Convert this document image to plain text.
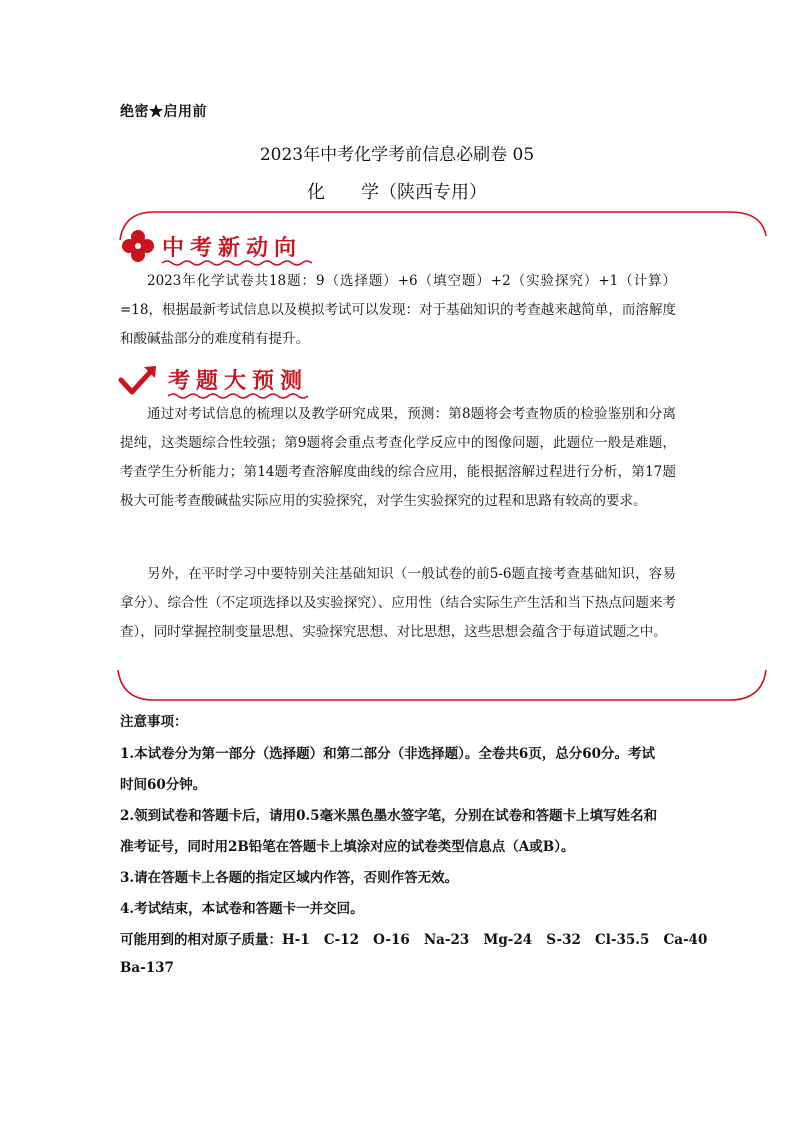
绝密★启用前
2023年中考化学考前信息必刷卷 05
化 学（陕西专用）
中考新动向

2023年化学试卷共18题：9（选择题）+6（填空题）+2（实验探究）+1（计算）=18，根据最新考试信息以及模拟考试可以发现：对于基础知识的考查越来越简单，而溶解度和酸碱盐部分的难度稍有提升。

考题大预测

通过对考试信息的梳理以及教学研究成果，预测：第8题将会考查物质的检验鉴别和分离提纯，这类题综合性较强；第9题将会重点考查化学反应中的图像问题，此题位一般是难题，考查学生分析能力；第14题考查溶解度曲线的综合应用，能根据溶解过程进行分析，第17题极大可能考查酸碱盐实际应用的实验探究，对学生实验探究的过程和思路有较高的要求。

另外，在平时学习中要特别关注基础知识（一般试卷的前5-6题直接考查基础知识，容易拿分）、综合性（不定项选择以及实验探究）、应用性（结合实际生产生活和当下热点问题来考查），同时掌握控制变量思想、实验探究思想、对比思想，这些思想会蕴含于每道试题之中。

注意事项：
1.本试卷分为第一部分（选择题）和第二部分（非选择题）。全卷共6页，总分60分。考试
时间60分钟。
2.领到试卷和答题卡后，请用0.5毫米黑色墨水签字笔，分别在试卷和答题卡上填写姓名和
准考证号，同时用2B铅笔在答题卡上填涂对应的试卷类型信息点（A或B）。
3.请在答题卡上各题的指定区域内作答，否则作答无效。
4.考试结束，本试卷和答题卡一并交回。
可能用到的相对原子质量：H-1   C-12   O-16   Na-23   Mg-24   S-32   Cl-35.5   Ca-40
Ba-137
